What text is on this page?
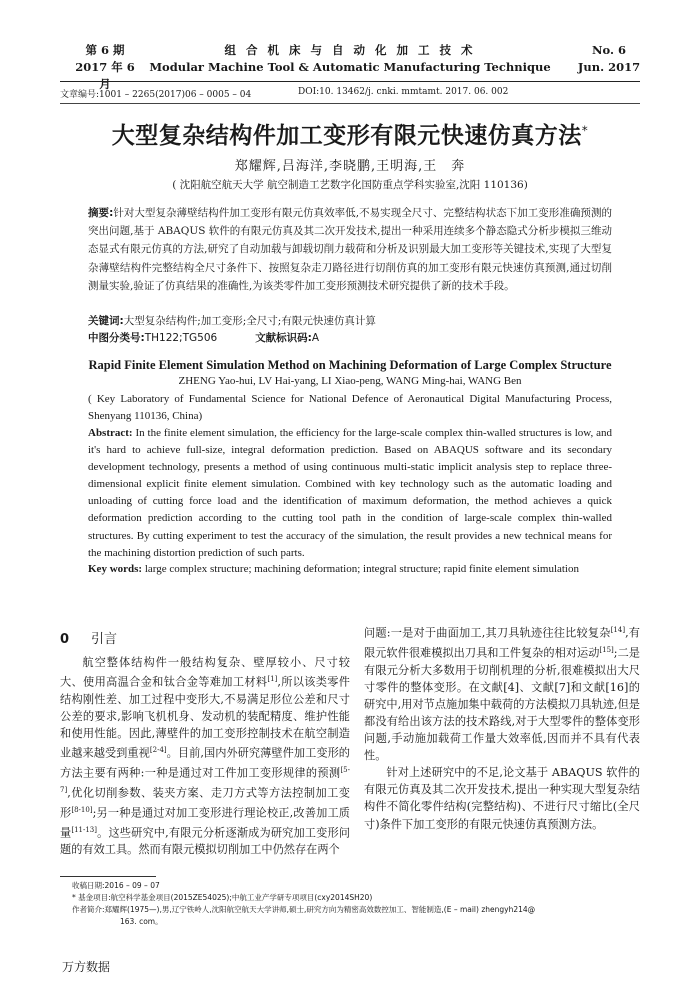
第 6 期
2017 年 6 月
组 合 机 床 与 自 动 化 加 工 技 术
Modular Machine Tool & Automatic Manufacturing Technique
No. 6
Jun. 2017
文章编号:1001 – 2265(2017)06 – 0005 – 04	DOI:10. 13462/j. cnki. mmtamt. 2017. 06. 002
大型复杂结构件加工变形有限元快速仿真方法*
郑耀辉,吕海洋,李晓鹏,王明海,王　奔
( 沈阳航空航天大学 航空制造工艺数字化国防重点学科实验室,沈阳 110136)
摘要:针对大型复杂薄壁结构件加工变形有限元仿真效率低,不易实现全尺寸、完整结构状态下加工变形准确预测的突出问题,基于 ABAQUS 软件的有限元仿真及其二次开发技术,提出一种采用连续多个静态隐式分析步模拟三维动态显式有限元仿真的方法,研究了自动加载与卸载切削力载荷和分析及识别最大加工变形等关键技术,实现了大型复杂薄壁结构件完整结构全尺寸条件下、按照复杂走刀路径进行切削仿真的加工变形有限元快速仿真预测,通过切削测量实验,验证了仿真结果的准确性,为该类零件加工变形预测技术研究提供了新的技术手段。
关键词:大型复杂结构件;加工变形;全尺寸;有限元快速仿真计算
中图分类号:TH122;TG506	文献标识码:A
Rapid Finite Element Simulation Method on Machining Deformation of Large Complex Structure
ZHENG Yao-hui, LV Hai-yang, LI Xiao-peng, WANG Ming-hai, WANG Ben
( Key Laboratory of Fundamental Science for National Defence of Aeronautical Digital Manufacturing Process, Shenyang 110136, China)
Abstract: In the finite element simulation, the efficiency for the large-scale complex thin-walled structures is low, and it's hard to achieve full-size, integral deformation prediction. Based on ABAQUS software and its secondary development technology, presents a method of using continuous multi-static implicit analysis step to replace three-dimensional explicit finite element simulation. Combined with key technology such as the automatic loading and unloading of cutting force load and the identification of maximum deformation, the method achieves a quick deformation prediction according to the cutting tool path in the condition of large-scale complex thin-walled structures. By cutting experiment to test the accuracy of the simulation, the result provides a new technical means for the machining distortion prediction of such parts.
Key words: large complex structure; machining deformation; integral structure; rapid finite element simulation
0 引言

航空整体结构件一般结构复杂、壁厚较小、尺寸较大、使用高温合金和钛合金等难加工材料[1],所以该类零件结构刚性差、加工过程中变形大,不易满足形位公差和尺寸公差的要求,影响飞机机身、发动机的装配精度、维护性能和使用性能。因此,薄壁件的加工变形控制技术在航空制造业越来越受到重视[2-4]。目前,国内外研究薄壁件加工变形的方法主要有两种:一种是通过对工件加工变形规律的预测[5-7],优化切削参数、装夹方案、走刀方式等方法控制加工变形[8-10];另一种是通过对加工变形进行理论校正,改善加工质量[11-13]。这些研究中,有限元分析逐渐成为研究加工变形问题的有效工具。然而有限元模拟切削加工中仍然存在两个

问题:一是对于曲面加工,其刀具轨迹往往比较复杂[14],有限元软件很难模拟出刀具和工件复杂的相对运动[15];二是有限元分析大多数用于切削机理的分析,很难模拟出大尺寸零件的整体变形。在文献[4]、文献[7]和文献[16]的研究中,用对节点施加集中载荷的方法模拟刀具轨迹,但是都没有给出该方法的技术路线,对于大型零件的整体变形问题,手动施加载荷工作量大效率低,因而并不具有代表性。

针对上述研究中的不足,论文基于 ABAQUS 软件的有限元仿真及其二次开发技术,提出一种实现大型复杂结构件不简化零件结构(完整结构)、不进行尺寸缩比(全尺寸)条件下加工变形的有限元快速仿真预测方法。

收稿日期:2016 – 09 – 07
* 基金项目:航空科学基金项目(2015ZE54025);中航工业产学研专项项目(cxy2014SH20)
作者简介:郑耀辉(1975—),男,辽宁铁岭人,沈阳航空航天大学讲师,硕士,研究方向为精密高效数控加工、智能制造,(E – mail) zhengyh214@
163. com。
万方数据
